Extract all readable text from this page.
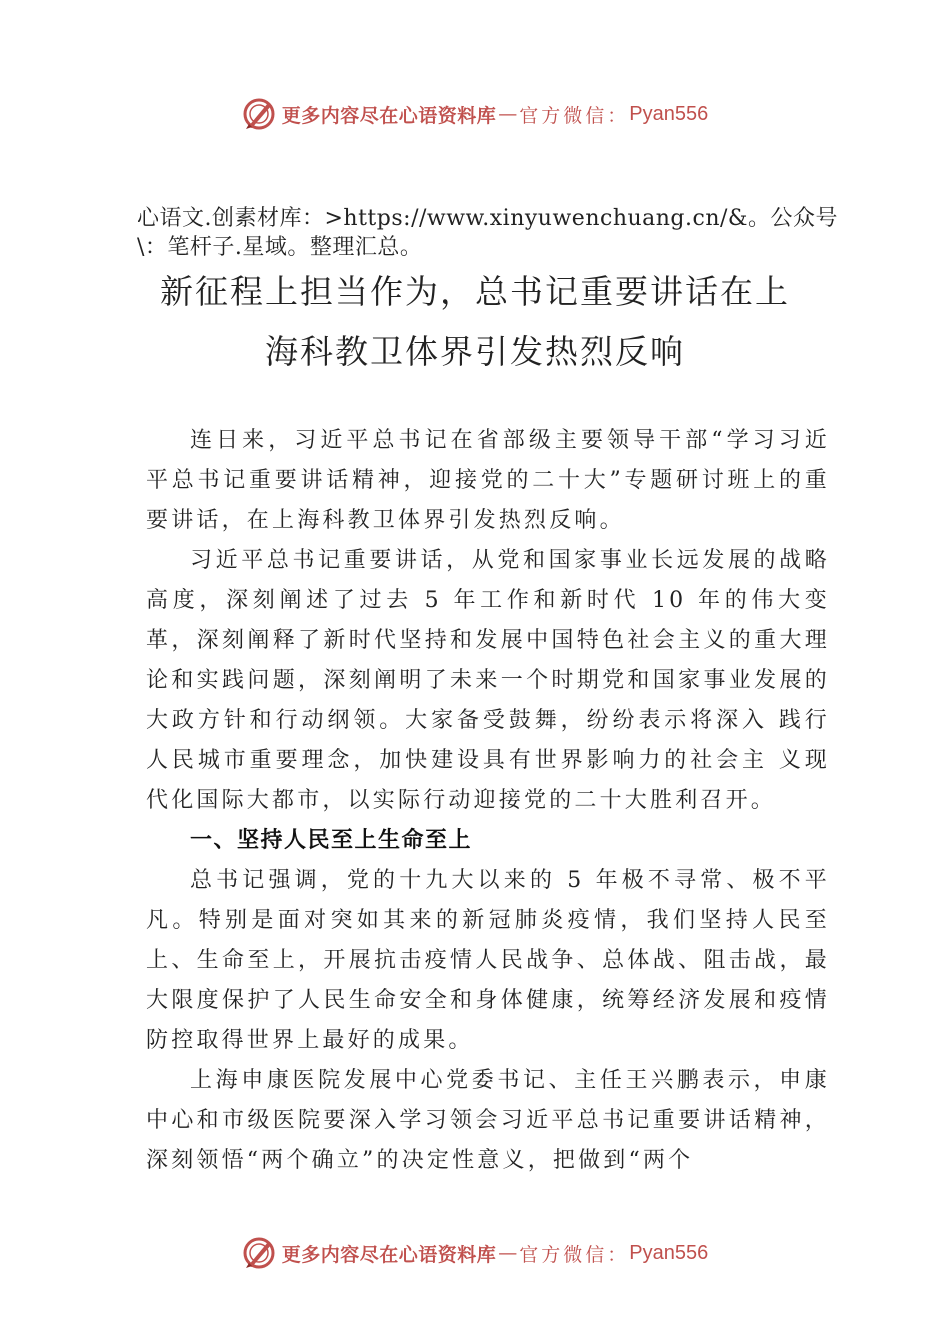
更多内容尽在心语资料库 — 官方微信： Pyan556
心语文.创素材库：>https://www.xinyuwenchuang.cn/&。公众号\：笔杆子.星域。整理汇总。
新征程上担当作为，总书记重要讲话在上
海科教卫体界引发热烈反响

连日来，习近平总书记在省部级主要领导干部“学习习近平总书记重要讲话精神，迎接党的二十大”专题研讨班上的重要讲话，在上海科教卫体界引发热烈反响。

习近平总书记重要讲话，从党和国家事业长远发展的战略高度，深刻阐述了过去 5 年工作和新时代 10 年的伟大变革，深刻阐释了新时代坚持和发展中国特色社会主义的重大理论和实践问题，深刻阐明了未来一个时期党和国家事业发展的大政方针和行动纲领。大家备受鼓舞，纷纷表示将深入 践行人民城市重要理念，加快建设具有世界影响力的社会主 义现代化国际大都市，以实际行动迎接党的二十大胜利召开。

一、坚持人民至上生命至上

总书记强调，党的十九大以来的 5 年极不寻常、极不平凡。特别是面对突如其来的新冠肺炎疫情，我们坚持人民至上、生命至上，开展抗击疫情人民战争、总体战、阻击战，最大限度保护了人民生命安全和身体健康，统筹经济发展和疫情防控取得世界上最好的成果。

上海申康医院发展中心党委书记、主任王兴鹏表示，申康中心和市级医院要深入学习领会习近平总书记重要讲话精神，深刻领悟“两个确立”的决定性意义，把做到“两个

更多内容尽在心语资料库 — 官方微信： Pyan556
